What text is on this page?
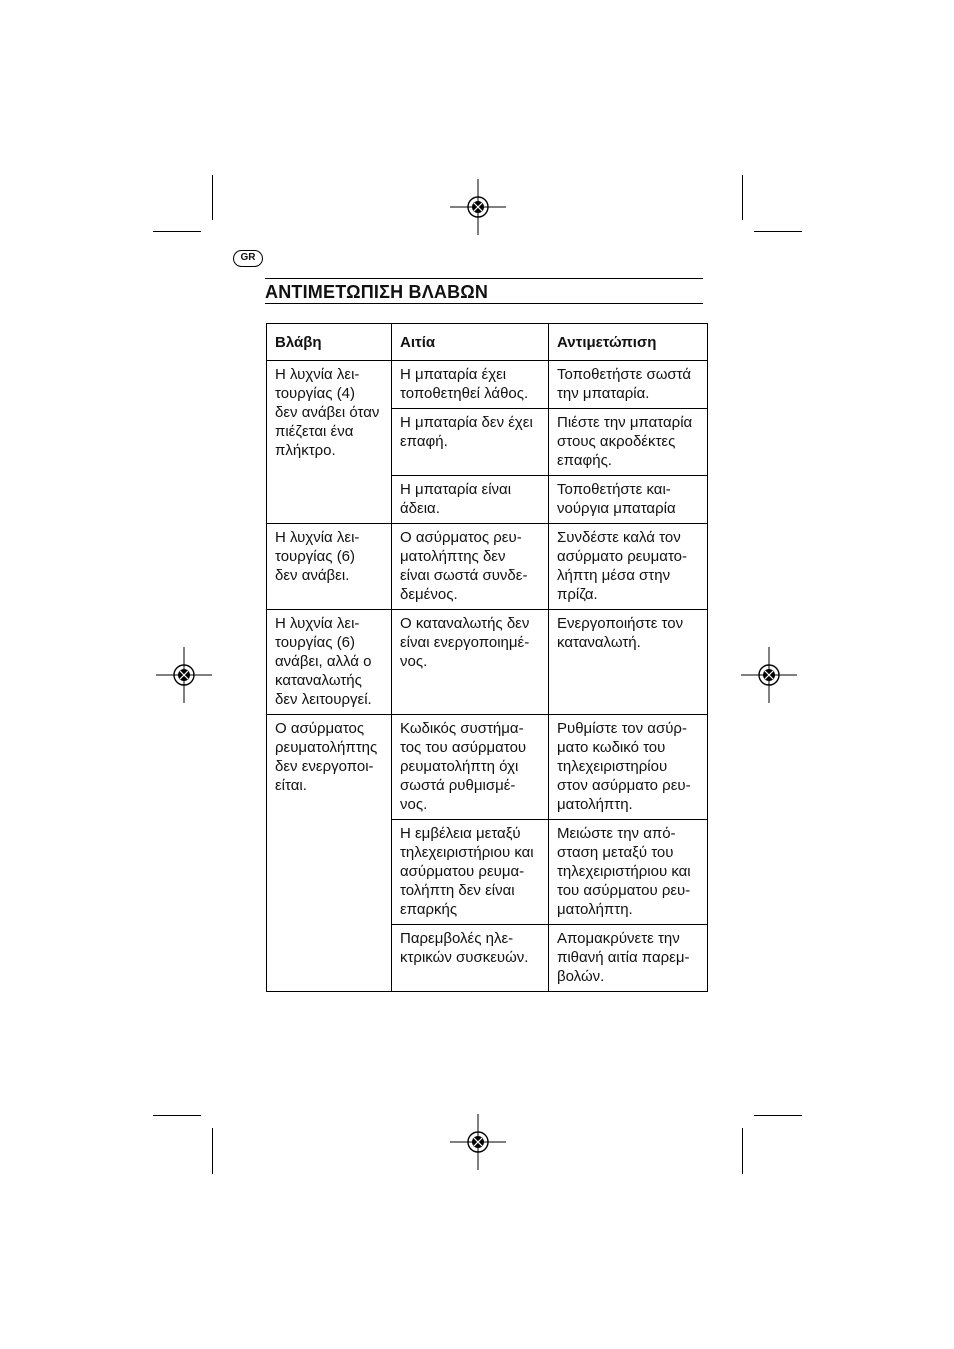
GR
ΑΝΤΙΜΕΤΩΠΙΣΗ ΒΛΑΒΩΝ
Βλάβη	Αιτία	Αντιμετώπιση

Η λυχνία λει-
τουργίας (4)
δεν ανάβει όταν
πιέζεται ένα
πλήκτρο.	Η μπαταρία έχει
τοποθετηθεί λάθος.	Τοποθετήστε σωστά
την μπαταρία.

	Η μπαταρία δεν έχει
επαφή.	Πιέστε την μπαταρία
στους ακροδέκτες
επαφής.

	Η μπαταρία είναι
άδεια.	Τοποθετήστε και-
νούργια μπαταρία

Η λυχνία λει-
τουργίας (6)
δεν ανάβει.	Ο ασύρματος ρευ-
ματολήπτης δεν
είναι σωστά συνδε-
δεμένος.	Συνδέστε καλά τον
ασύρματο ρευματο-
λήπτη μέσα στην
πρίζα.

Η λυχνία λει-
τουργίας (6)
ανάβει, αλλά ο
καταναλωτής
δεν λειτουργεί.	Ο καταναλωτής δεν
είναι ενεργοποιημέ-
νος.	Ενεργοποιήστε τον
καταναλωτή.

Ο ασύρματος
ρευματολήπτης
δεν ενεργοποι-
είται.	Κωδικός συστήμα-
τος του ασύρματου
ρευματολήπτη όχι
σωστά ρυθμισμέ-
νος.	Ρυθμίστε τον ασύρ-
ματο κωδικό του
τηλεχειριστηρίου
στον ασύρματο ρευ-
ματολήπτη.

	Η εμβέλεια μεταξύ
τηλεχειριστήριου και
ασύρματου ρευμα-
τολήπτη δεν είναι
επαρκής	Μειώστε την από-
σταση μεταξύ του
τηλεχειριστήριου και
του ασύρματου ρευ-
ματολήπτη.

	Παρεμβολές ηλε-
κτρικών συσκευών.	Απομακρύνετε την
πιθανή αιτία παρεμ-
βολών.
